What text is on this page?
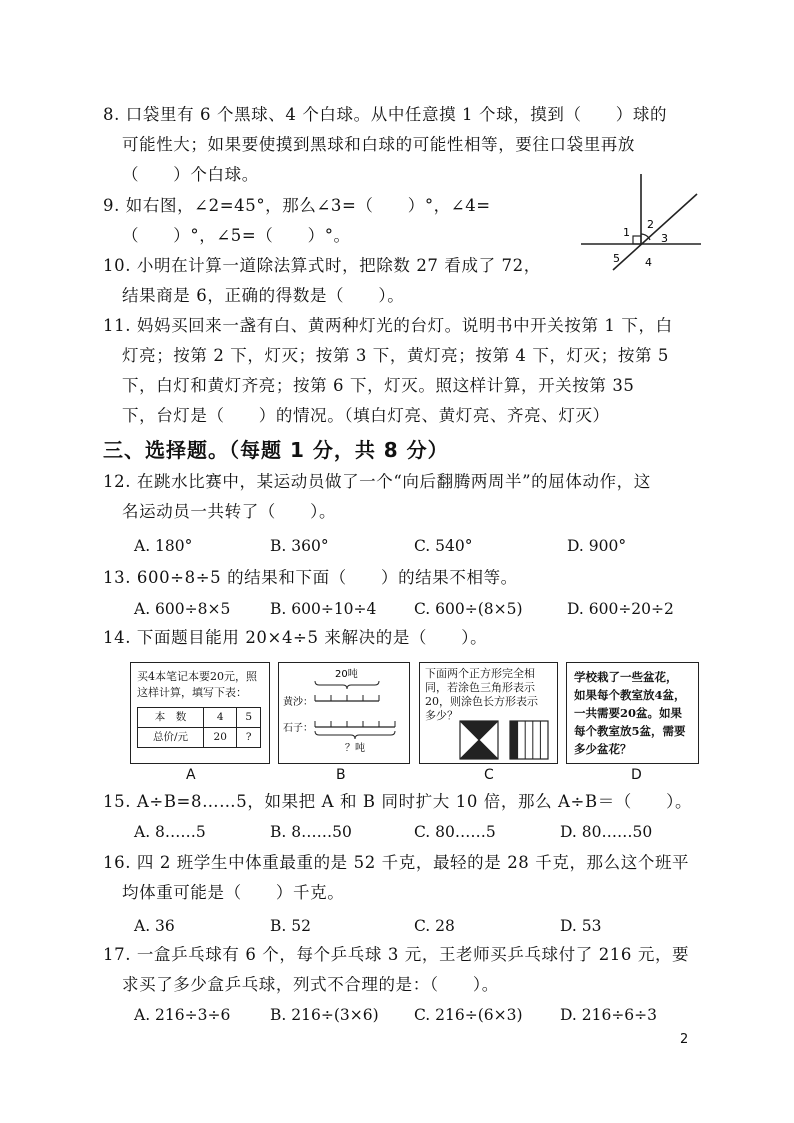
8. 口袋里有 6 个黑球、4 个白球。从中任意摸 1 个球，摸到（　　）球的
可能性大；如果要使摸到黑球和白球的可能性相等，要往口袋里再放
（　　）个白球。
9. 如右图，∠2=45°，那么∠3=（　　）°，∠4=
（　　）°，∠5=（　　）°。	1
2
3
4
5
10. 小明在计算一道除法算式时，把除数 27 看成了 72，
结果商是 6，正确的得数是（　　）。
11. 妈妈买回来一盏有白、黄两种灯光的台灯。说明书中开关按第 1 下，白
灯亮；按第 2 下，灯灭；按第 3 下，黄灯亮；按第 4 下，灯灭；按第 5
下，白灯和黄灯齐亮；按第 6 下，灯灭。照这样计算，开关按第 35
下，台灯是（　　）的情况。（填白灯亮、黄灯亮、齐亮、灯灭）
三、选择题。（每题 1 分，共 8 分）
12. 在跳水比赛中，某运动员做了一个“向后翻腾两周半”的屈体动作，这
名运动员一共转了（　　）。
A. 180°	B. 360°	C. 540°	D. 900°
13. 600÷8÷5 的结果和下面（　　）的结果不相等。
A. 600÷8×5	B. 600÷10÷4 C. 600÷(8×5)	D. 600÷20÷2
14. 下面题目能用 20×4÷5 来解决的是（　　）。
买4本笔记本要20元，照
这样计算，填写下表：
本　数	4	5
总价/元	20	?
20吨
黄沙：
石子：
？吨
下面两个正方形完全相
同，若涂色三角形表示
20，则涂色长方形表示
多少？
学校栽了一些盆花，
如果每个教室放4盆，
一共需要20盆。如果
每个教室放5盆，需要
多少盆花？
A	B	C	D
15. A÷B=8……5，如果把 A 和 B 同时扩大 10 倍，那么 A÷B＝（　　）。
A. 8……5	B. 8……50	C. 80……5	D. 80……50
16. 四 2 班学生中体重最重的是 52 千克，最轻的是 28 千克，那么这个班平
均体重可能是（　　）千克。
A. 36	B. 52	C. 28	D. 53
17. 一盒乒乓球有 6 个，每个乒乓球 3 元，王老师买乒乓球付了 216 元，要
求买了多少盒乒乓球，列式不合理的是：（　　）。
A. 216÷3÷6	B. 216÷(3×6) C. 216÷(6×3) D. 216÷6÷3
2
